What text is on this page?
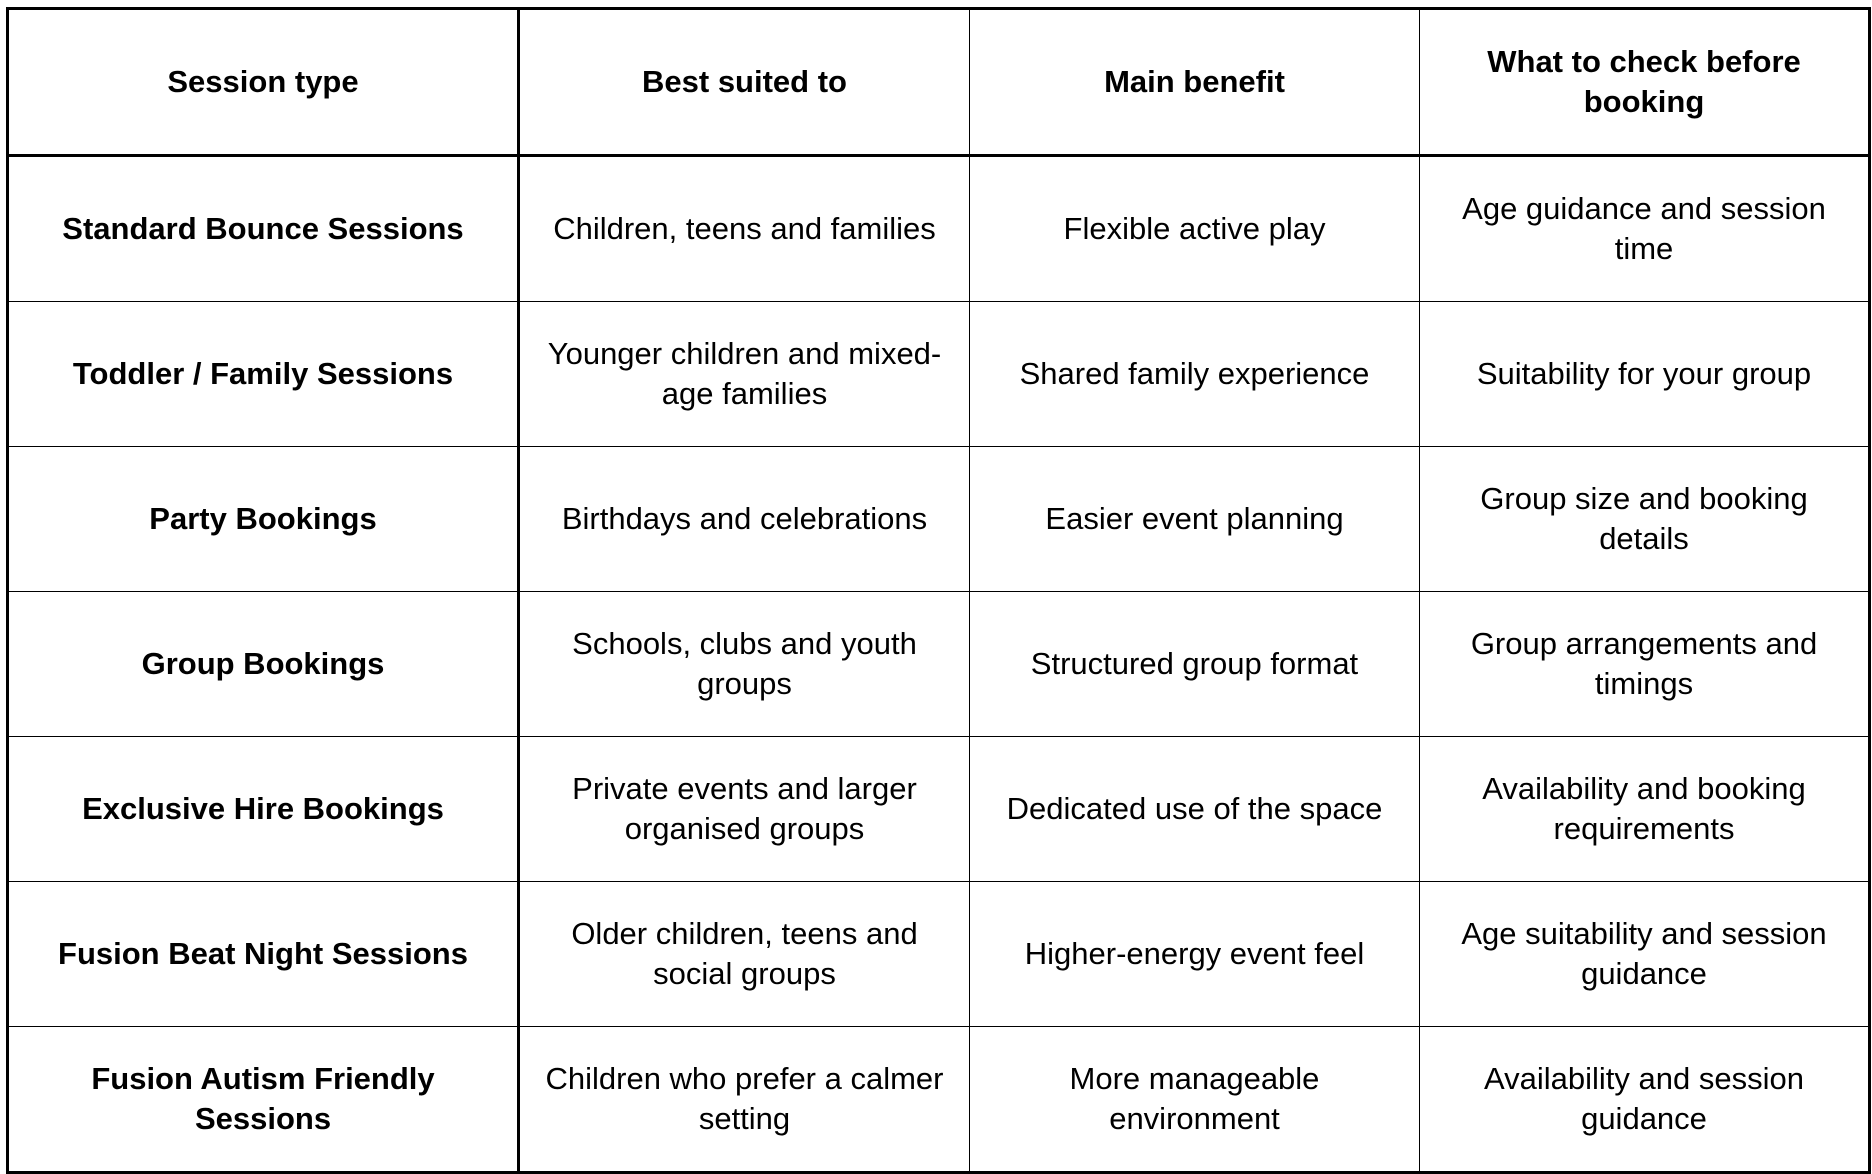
Session type	Best suited to	Main benefit	What to check before booking
Standard Bounce Sessions	Children, teens and families	Flexible active play	Age guidance and session time
Toddler / Family Sessions	Younger children and mixed-age families	Shared family experience	Suitability for your group
Party Bookings	Birthdays and celebrations	Easier event planning	Group size and booking details
Group Bookings	Schools, clubs and youth groups	Structured group format	Group arrangements and timings
Exclusive Hire Bookings	Private events and larger organised groups	Dedicated use of the space	Availability and booking requirements
Fusion Beat Night Sessions	Older children, teens and social groups	Higher-energy event feel	Age suitability and session guidance
Fusion Autism Friendly Sessions	Children who prefer a calmer setting	More manageable environment	Availability and session guidance
